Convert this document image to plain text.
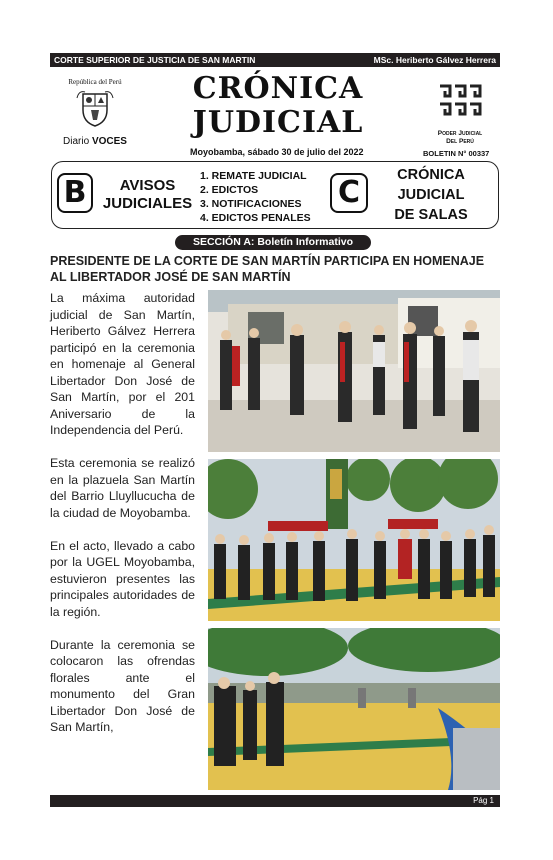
CORTE SUPERIOR DE JUSTICIA DE SAN MARTIN	MSc. Heriberto Gálvez Herrera
República del Perú
Diario VOCES
CRÓNICA
JUDICIAL
Moyobamba, sábado 30 de julio del 2022
Poder Judicial
Del Perú
BOLETIN N° 00337
B	AVISOS
JUDICIALES
1. REMATE JUDICIAL
2. EDICTOS
3. NOTIFICACIONES
4. EDICTOS PENALES
C	CRÓNICA
JUDICIAL
DE SALAS
SECCIÓN A: Boletín Informativo
PRESIDENTE DE LA CORTE DE SAN MARTÍN PARTICIPA EN HOMENAJE AL LIBERTADOR JOSÉ DE SAN MARTÍN

La máxima autoridad judicial de San Martín, Heriberto Gálvez Herrera participó en la ceremonia en homenaje al General Libertador Don José de San Martín, por el 201 Aniversario de la Independencia del Perú.

Esta ceremonia se realizó en la plazuela San Martín del Barrio Lluyllucucha de la ciudad de Moyobamba.

En el acto, llevado a cabo por la UGEL Moyobamba, estuvieron presentes las principales autoridades de la región.

Durante la ceremonia se colocaron las ofrendas florales ante el monumento del Gran Libertador Don José de San Martín,

Pág 1
